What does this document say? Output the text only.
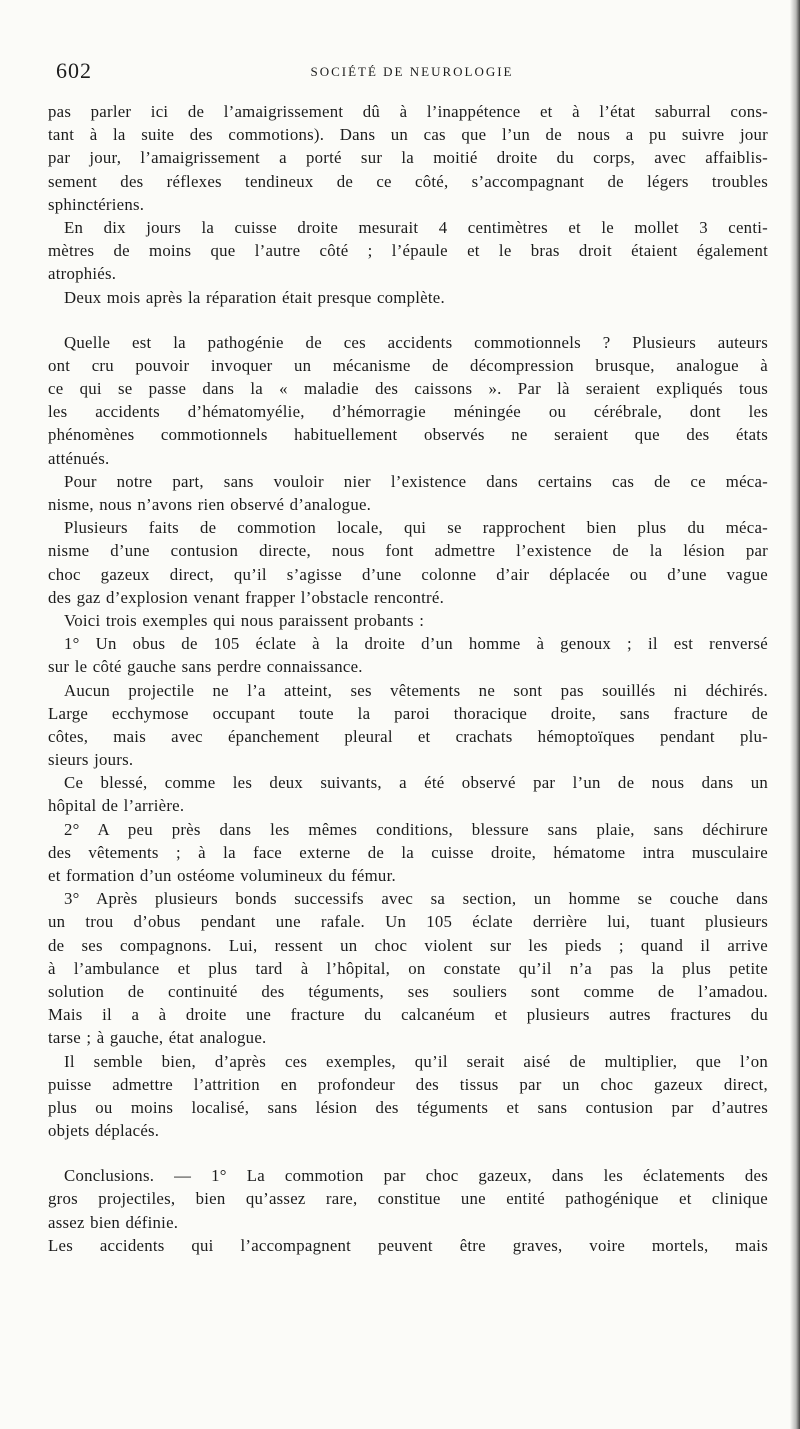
602	SOCIÉTÉ DE NEUROLOGIE
pas parler ici de l’amaigrissement dû à l’inappétence et à l’état saburral cons-
tant à la suite des commotions). Dans un cas que l’un de nous a pu suivre jour
par jour, l’amaigrissement a porté sur la moitié droite du corps, avec affaiblis-
sement des réflexes tendineux de ce côté, s’accompagnant de légers troubles
sphinctériens.
En dix jours la cuisse droite mesurait 4 centimètres et le mollet 3 centi-
mètres de moins que l’autre côté ; l’épaule et le bras droit étaient également
atrophiés.
Deux mois après la réparation était presque complète.
Quelle est la pathogénie de ces accidents commotionnels ? Plusieurs auteurs
ont cru pouvoir invoquer un mécanisme de décompression brusque, analogue à
ce qui se passe dans la « maladie des caissons ». Par là seraient expliqués tous
les accidents d’hématomyélie, d’hémorragie méningée ou cérébrale, dont les
phénomènes commotionnels habituellement observés ne seraient que des états
atténués.
Pour notre part, sans vouloir nier l’existence dans certains cas de ce méca-
nisme, nous n’avons rien observé d’analogue.
Plusieurs faits de commotion locale, qui se rapprochent bien plus du méca-
nisme d’une contusion directe, nous font admettre l’existence de la lésion par
choc gazeux direct, qu’il s’agisse d’une colonne d’air déplacée ou d’une vague
des gaz d’explosion venant frapper l’obstacle rencontré.
Voici trois exemples qui nous paraissent probants :
1° Un obus de 105 éclate à la droite d’un homme à genoux ; il est renversé
sur le côté gauche sans perdre connaissance.
Aucun projectile ne l’a atteint, ses vêtements ne sont pas souillés ni déchirés.
Large ecchymose occupant toute la paroi thoracique droite, sans fracture de
côtes, mais avec épanchement pleural et crachats hémoptoïques pendant plu-
sieurs jours.
Ce blessé, comme les deux suivants, a été observé par l’un de nous dans un
hôpital de l’arrière.
2° A peu près dans les mêmes conditions, blessure sans plaie, sans déchirure
des vêtements ; à la face externe de la cuisse droite, hématome intra musculaire
et formation d’un ostéome volumineux du fémur.
3° Après plusieurs bonds successifs avec sa section, un homme se couche dans
un trou d’obus pendant une rafale. Un 105 éclate derrière lui, tuant plusieurs
de ses compagnons. Lui, ressent un choc violent sur les pieds ; quand il arrive
à l’ambulance et plus tard à l’hôpital, on constate qu’il n’a pas la plus petite
solution de continuité des téguments, ses souliers sont comme de l’amadou.
Mais il a à droite une fracture du calcanéum et plusieurs autres fractures du
tarse ; à gauche, état analogue.
Il semble bien, d’après ces exemples, qu’il serait aisé de multiplier, que l’on
puisse admettre l’attrition en profondeur des tissus par un choc gazeux direct,
plus ou moins localisé, sans lésion des téguments et sans contusion par d’autres
objets déplacés.
Conclusions. — 1° La commotion par choc gazeux, dans les éclatements des
gros projectiles, bien qu’assez rare, constitue une entité pathogénique et clinique
assez bien définie.
Les accidents qui l’accompagnent peuvent être graves, voire mortels, mais
